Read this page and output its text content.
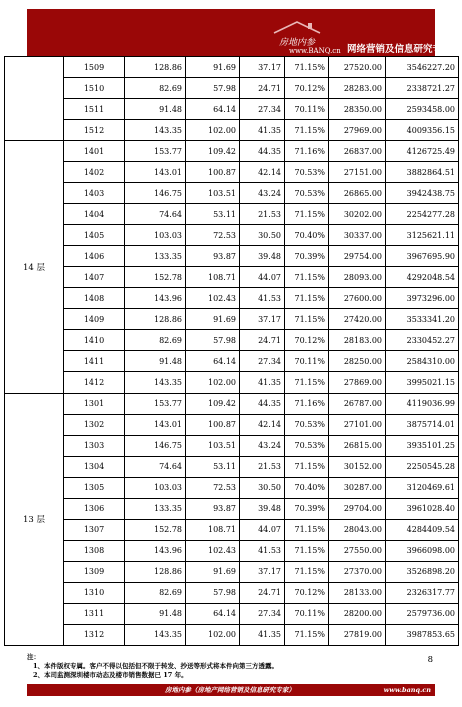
房地内参
www.BANQ.cn 网络营销及信息研究专家
	1509	128.86	91.69	37.17	71.15%	27520.00	3546227.20
	1510	82.69	57.98	24.71	70.12%	28283.00	2338721.27
	1511	91.48	64.14	27.34	70.11%	28350.00	2593458.00
	1512	143.35	102.00	41.35	71.15%	27969.00	4009356.15
14 层	1401	153.77	109.42	44.35	71.16%	26837.00	4126725.49
	1402	143.01	100.87	42.14	70.53%	27151.00	3882864.51
	1403	146.75	103.51	43.24	70.53%	26865.00	3942438.75
	1404	74.64	53.11	21.53	71.15%	30202.00	2254277.28
	1405	103.03	72.53	30.50	70.40%	30337.00	3125621.11
	1406	133.35	93.87	39.48	70.39%	29754.00	3967695.90
	1407	152.78	108.71	44.07	71.15%	28093.00	4292048.54
	1408	143.96	102.43	41.53	71.15%	27600.00	3973296.00
	1409	128.86	91.69	37.17	71.15%	27420.00	3533341.20
	1410	82.69	57.98	24.71	70.12%	28183.00	2330452.27
	1411	91.48	64.14	27.34	70.11%	28250.00	2584310.00
	1412	143.35	102.00	41.35	71.15%	27869.00	3995021.15
13 层	1301	153.77	109.42	44.35	71.16%	26787.00	4119036.99
	1302	143.01	100.87	42.14	70.53%	27101.00	3875714.01
	1303	146.75	103.51	43.24	70.53%	26815.00	3935101.25
	1304	74.64	53.11	21.53	71.15%	30152.00	2250545.28
	1305	103.03	72.53	30.50	70.40%	30287.00	3120469.61
	1306	133.35	93.87	39.48	70.39%	29704.00	3961028.40
	1307	152.78	108.71	44.07	71.15%	28043.00	4284409.54
	1308	143.96	102.43	41.53	71.15%	27550.00	3966098.00
	1309	128.86	91.69	37.17	71.15%	27370.00	3526898.20
	1310	82.69	57.98	24.71	70.12%	28133.00	2326317.77
	1311	91.48	64.14	27.34	70.11%	28200.00	2579736.00
	1312	143.35	102.00	41.35	71.15%	27819.00	3987853.65
注：
1、本件版权专属。客户不得以包括但不限于转发、抄送等形式将本件向第三方透露。
2、本司监测深圳楼市动态及楼市销售数据已 17 年。
8
房地内参（房地产网络营销及信息研究专家）	www.banq.cn
